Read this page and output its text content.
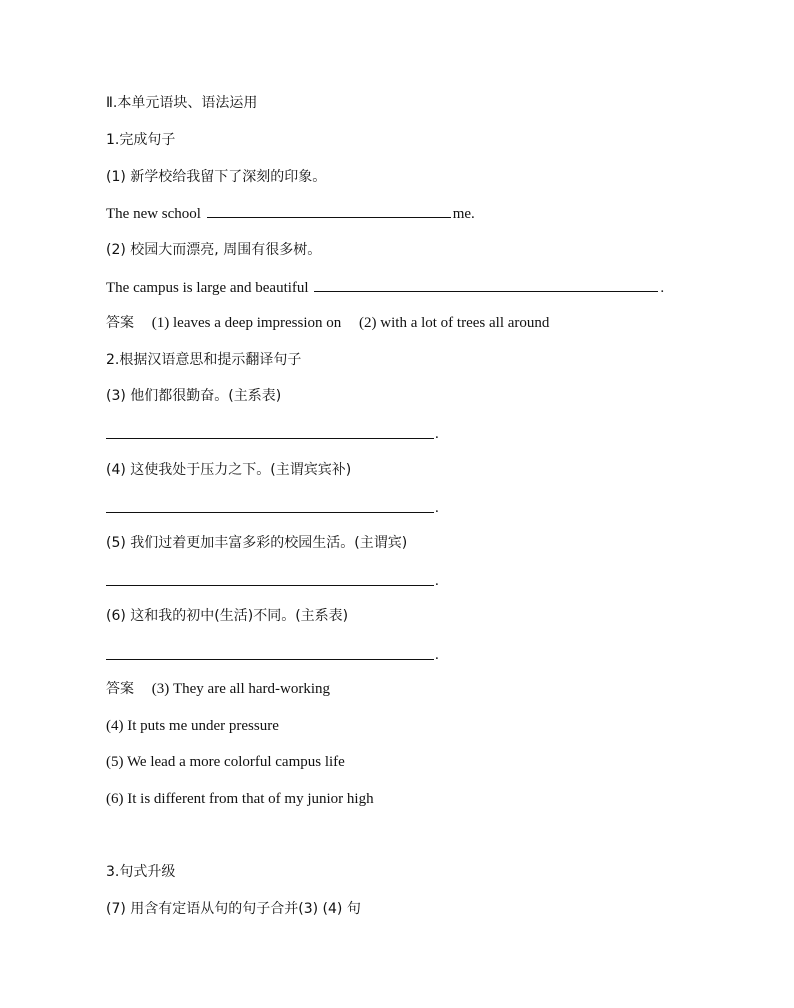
Ⅱ.本单元语块、语法运用
1.完成句子
(1) 新学校给我留下了深刻的印象。
The new school	me.
(2) 校园大而漂亮, 周围有很多树。
The campus is large and beautiful	.
答案 (1) leaves a deep impression on (2) with a lot of trees all around
2.根据汉语意思和提示翻译句子
(3) 他们都很勤奋。(主系表)
.
(4) 这使我处于压力之下。(主谓宾宾补)
.
(5) 我们过着更加丰富多彩的校园生活。(主谓宾)
.
(6) 这和我的初中(生活)不同。(主系表)
.
答案 (3) They are all hard-working
(4) It puts me under pressure
(5) We lead a more colorful campus life
(6) It is different from that of my junior high
3.句式升级
(7) 用含有定语从句的句子合并(3) (4) 句
